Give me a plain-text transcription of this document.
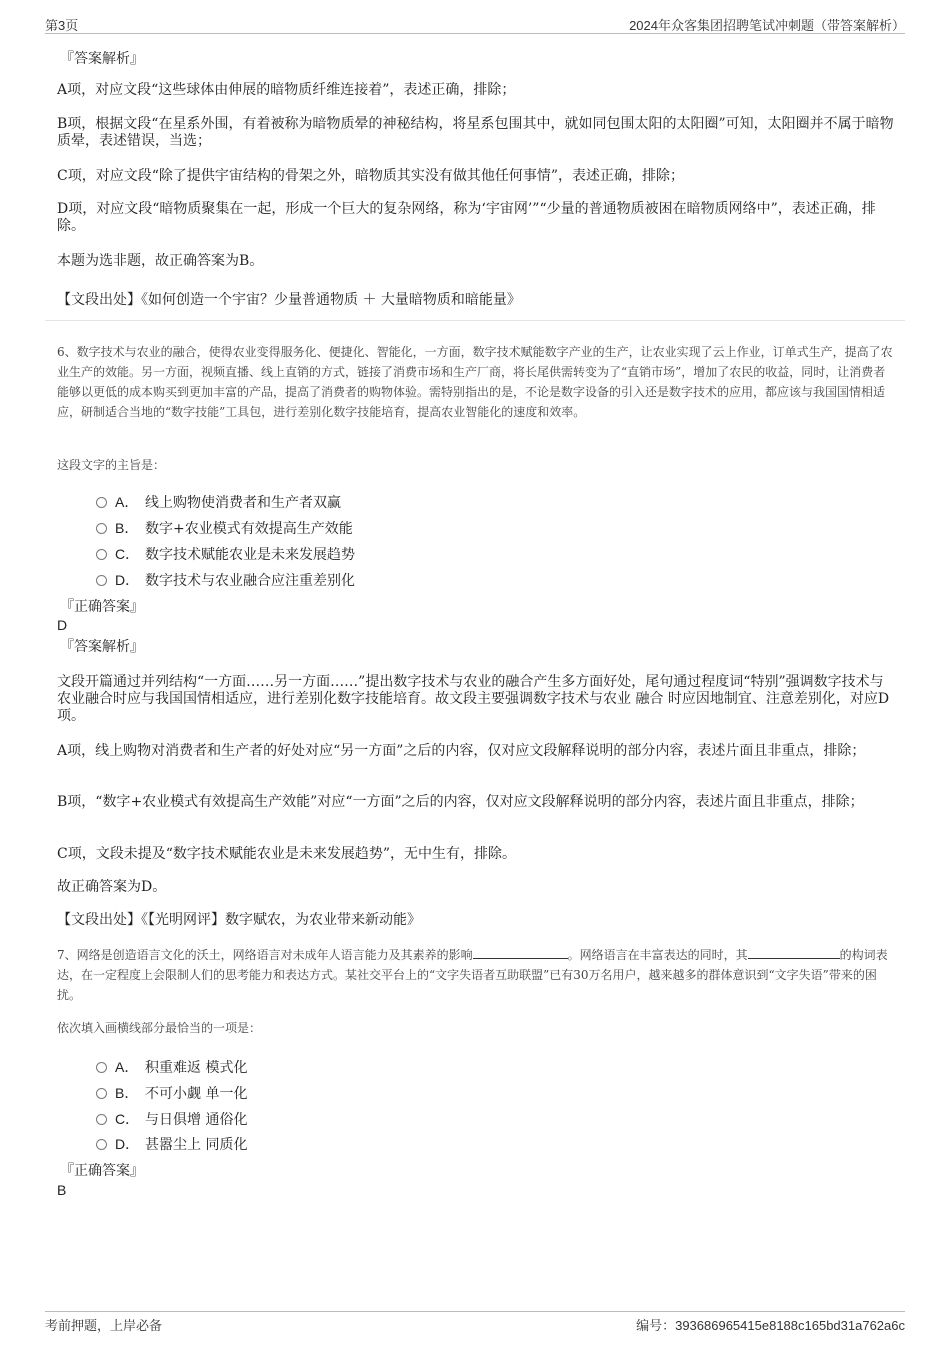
第3页	2024年众客集团招聘笔试冲刺题（带答案解析）
『答案解析』
A项，对应文段“这些球体由伸展的暗物质纤维连接着”，表述正确，排除；
B项，根据文段“在星系外围，有着被称为暗物质晕的神秘结构，将星系包围其中，就如同包围太阳的太阳圈”可知，太阳圈并不属于暗物质晕，表述错误，当选；
C项，对应文段“除了提供宇宙结构的骨架之外，暗物质其实没有做其他任何事情”，表述正确，排除；
D项，对应文段“暗物质聚集在一起，形成一个巨大的复杂网络，称为‘宇宙网’”“少量的普通物质被困在暗物质网络中”，表述正确，排除。
本题为选非题，故正确答案为B。
【文段出处】《如何创造一个宇宙？少量普通物质 ＋ 大量暗物质和暗能量》
6、数字技术与农业的融合，使得农业变得服务化、便捷化、智能化，一方面，数字技术赋能数字产业的生产，让农业实现了云上作业，订单式生产，提高了农业生产的效能。另一方面，视频直播、线上直销的方式，链接了消费市场和生产厂商，将长尾供需转变为了“直销市场”，增加了农民的收益，同时，让消费者能够以更低的成本购买到更加丰富的产品，提高了消费者的购物体验。需特别指出的是，不论是数字设备的引入还是数字技术的应用，都应该与我国国情相适应，研制适合当地的“数字技能”工具包，进行差别化数字技能培育，提高农业智能化的速度和效率。
这段文字的主旨是：
A． 线上购物使消费者和生产者双赢
B． 数字+农业模式有效提高生产效能
C． 数字技术赋能农业是未来发展趋势
D． 数字技术与农业融合应注重差别化
『正确答案』
D
『答案解析』
文段开篇通过并列结构“一方面……另一方面……”提出数字技术与农业的融合产生多方面好处，尾句通过程度词“特别”强调数字技术与农业融合时应与我国国情相适应，进行差别化数字技能培育。故文段主要强调数字技术与农业 融合 时应因地制宜、注意差别化，对应D项。
A项，线上购物对消费者和生产者的好处对应“另一方面”之后的内容，仅对应文段解释说明的部分内容，表述片面且非重点，排除；
B项，“数字+农业模式有效提高生产效能”对应“一方面”之后的内容，仅对应文段解释说明的部分内容，表述片面且非重点，排除；
C项，文段未提及“数字技术赋能农业是未来发展趋势”，无中生有，排除。
故正确答案为D。
【文段出处】《【光明网评】数字赋农，为农业带来新动能》
7、网络是创造语言文化的沃土，网络语言对未成年人语言能力及其素养的影响	。网络语言在丰富表达的同时，其	的构词表达，在一定程度上会限制人们的思考能力和表达方式。某社交平台上的“文字失语者互助联盟”已有30万名用户，越来越多的群体意识到“文字失语”带来的困扰。
依次填入画横线部分最恰当的一项是：
A． 积重难返 模式化
B． 不可小觑 单一化
C． 与日俱增 通俗化
D． 甚嚣尘上 同质化
『正确答案』
B
考前押题，上岸必备	编号：393686965415e8188c165bd31a762a6c
